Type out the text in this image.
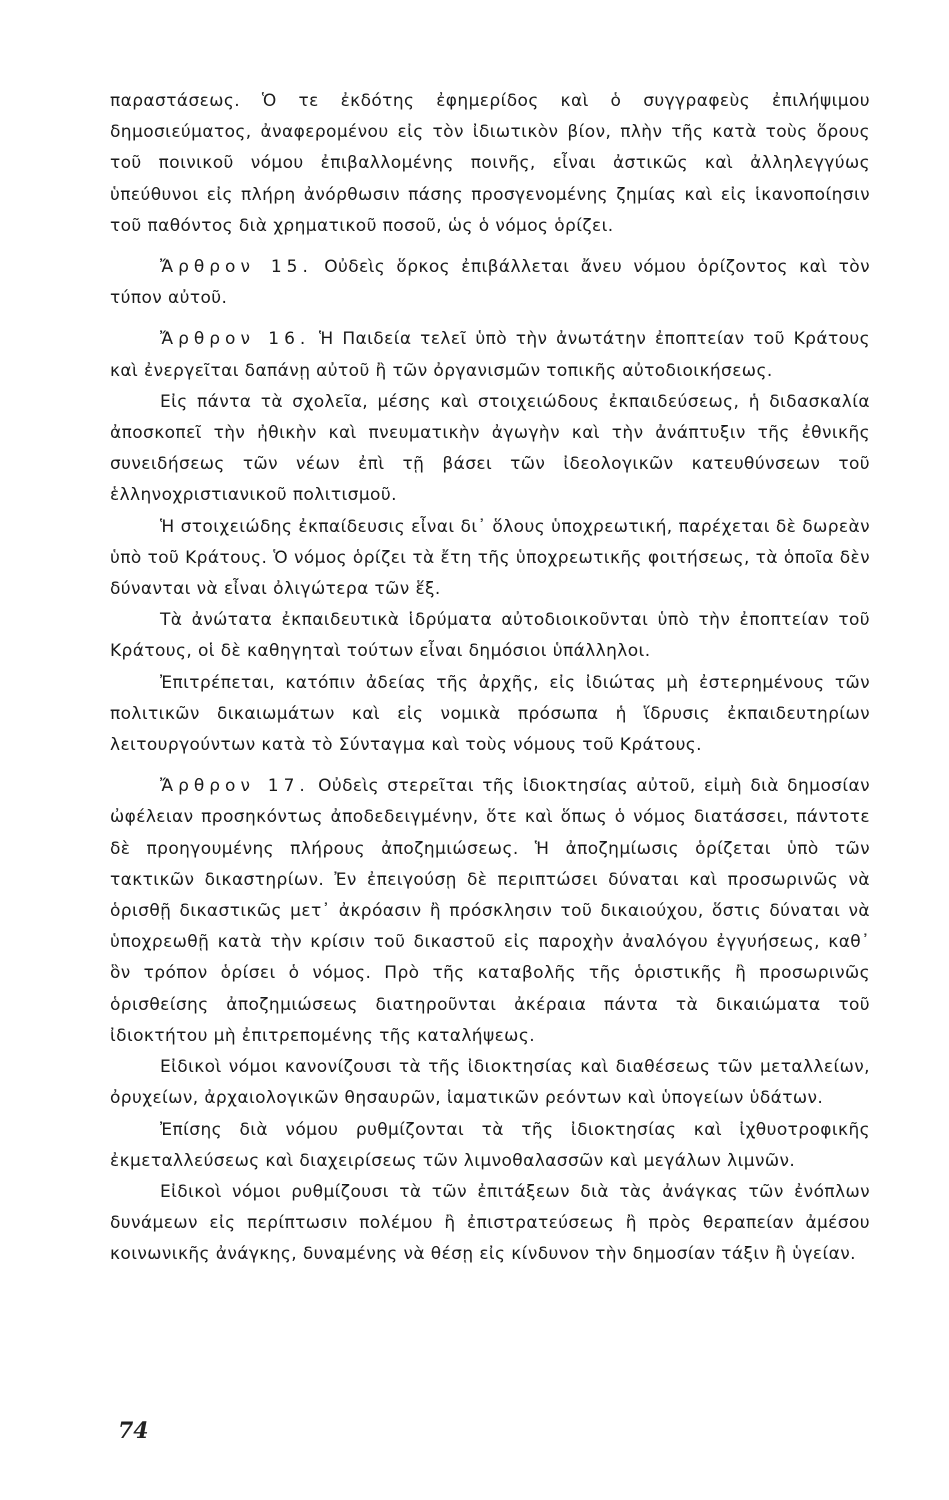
παραστάσεως. Ὁ τε ἐκδότης ἐφημερίδος καὶ ὁ συγγραφεὺς ἐπιλήψιμου δημοσιεύματος, ἀναφερομένου εἰς τὸν ἰδιωτικὸν βίον, πλὴν τῆς κατὰ τοὺς ὅρους τοῦ ποινικοῦ νόμου ἐπιβαλλομένης ποινῆς, εἶναι ἀστικῶς καὶ ἀλληλεγγύως ὑπεύθυνοι εἰς πλήρη ἀνόρθωσιν πάσης προσγενομένης ζημίας καὶ εἰς ἱκανοποίησιν τοῦ παθόντος διὰ χρηματικοῦ ποσοῦ, ὡς ὁ νόμος ὁρίζει.

Ἄρθρον 15. Οὐδεὶς ὅρκος ἐπιβάλλεται ἄνευ νόμου ὁρίζοντος καὶ τὸν τύπον αὐτοῦ.

Ἄρθρον 16. Ἡ Παιδεία τελεῖ ὑπὸ τὴν ἀνωτάτην ἐποπτείαν τοῦ Κράτους καὶ ἐνεργεῖται δαπάνῃ αὐτοῦ ἢ τῶν ὀργανισμῶν τοπικῆς αὐτοδιοικήσεως.

Εἰς πάντα τὰ σχολεῖα, μέσης καὶ στοιχειώδους ἐκπαιδεύσεως, ἡ διδασκαλία ἀποσκοπεῖ τὴν ἠθικὴν καὶ πνευματικὴν ἀγωγὴν καὶ τὴν ἀνάπτυξιν τῆς ἐθνικῆς συνειδήσεως τῶν νέων ἐπὶ τῇ βάσει τῶν ἰδεολογικῶν κατευθύνσεων τοῦ ἑλληνοχριστιανικοῦ πολιτισμοῦ.

Ἡ στοιχειώδης ἐκπαίδευσις εἶναι δι᾽ ὅλους ὑποχρεωτική, παρέχεται δὲ δωρεὰν ὑπὸ τοῦ Κράτους. Ὁ νόμος ὁρίζει τὰ ἔτη τῆς ὑποχρεωτικῆς φοιτήσεως, τὰ ὁποῖα δὲν δύνανται νὰ εἶναι ὀλιγώτερα τῶν ἕξ.

Τὰ ἀνώτατα ἐκπαιδευτικὰ ἱδρύματα αὐτοδιοικοῦνται ὑπὸ τὴν ἐποπτείαν τοῦ Κράτους, οἱ δὲ καθηγηταὶ τούτων εἶναι δημόσιοι ὑπάλληλοι.

Ἐπιτρέπεται, κατόπιν ἀδείας τῆς ἀρχῆς, εἰς ἰδιώτας μὴ ἐστερημένους τῶν πολιτικῶν δικαιωμάτων καὶ εἰς νομικὰ πρόσωπα ἡ ἵδρυσις ἐκπαιδευτηρίων λειτουργούντων κατὰ τὸ Σύνταγμα καὶ τοὺς νόμους τοῦ Κράτους.

Ἄρθρον 17. Οὐδεὶς στερεῖται τῆς ἰδιοκτησίας αὐτοῦ, εἰμὴ διὰ δημοσίαν ὠφέλειαν προσηκόντως ἀποδεδειγμένην, ὅτε καὶ ὅπως ὁ νόμος διατάσσει, πάντοτε δὲ προηγουμένης πλήρους ἀποζημιώσεως. Ἡ ἀποζημίωσις ὁρίζεται ὑπὸ τῶν τακτικῶν δικαστηρίων. Ἐν ἐπειγούσῃ δὲ περιπτώσει δύναται καὶ προσωρινῶς νὰ ὁρισθῇ δικαστικῶς μετ᾽ ἀκρόασιν ἢ πρόσκλησιν τοῦ δικαιούχου, ὅστις δύναται νὰ ὑποχρεωθῇ κατὰ τὴν κρίσιν τοῦ δικαστοῦ εἰς παροχὴν ἀναλόγου ἐγγυήσεως, καθ᾽ ὃν τρόπον ὁρίσει ὁ νόμος. Πρὸ τῆς καταβολῆς τῆς ὁριστικῆς ἢ προσωρινῶς ὁρισθείσης ἀποζημιώσεως διατηροῦνται ἀκέραια πάντα τὰ δικαιώματα τοῦ ἰδιοκτήτου μὴ ἐπιτρεπομένης τῆς καταλήψεως.

Εἰδικοὶ νόμοι κανονίζουσι τὰ τῆς ἰδιοκτησίας καὶ διαθέσεως τῶν μεταλλείων, ὀρυχείων, ἀρχαιολογικῶν θησαυρῶν, ἰαματικῶν ρεόντων καὶ ὑπογείων ὑδάτων.

Ἐπίσης διὰ νόμου ρυθμίζονται τὰ τῆς ἰδιοκτησίας καὶ ἰχθυοτροφικῆς ἐκμεταλλεύσεως καὶ διαχειρίσεως τῶν λιμνοθαλασσῶν καὶ μεγάλων λιμνῶν.

Εἰδικοὶ νόμοι ρυθμίζουσι τὰ τῶν ἐπιτάξεων διὰ τὰς ἀνάγκας τῶν ἐνόπλων δυνάμεων εἰς περίπτωσιν πολέμου ἢ ἐπιστρατεύσεως ἢ πρὸς θεραπείαν ἀμέσου κοινωνικῆς ἀνάγκης, δυναμένης νὰ θέσῃ εἰς κίνδυνον τὴν δημοσίαν τάξιν ἢ ὑγείαν.

74
